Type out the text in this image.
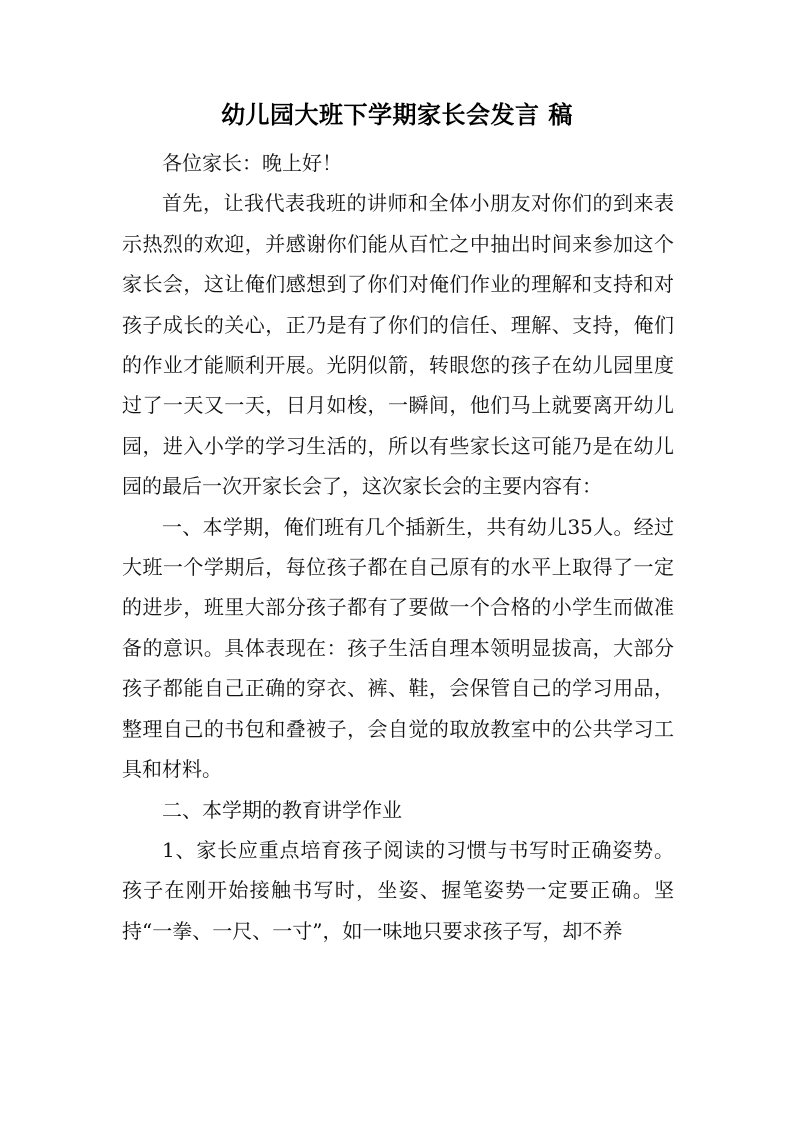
幼儿园大班下学期家长会发言 稿

各位家长：晚上好！

首先，让我代表我班的讲师和全体小朋友对你们的到来表示热烈的欢迎，并感谢你们能从百忙之中抽出时间来参加这个家长会，这让俺们感想到了你们对俺们作业的理解和支持和对孩子成长的关心，正乃是有了你们的信任、理解、支持，俺们的作业才能顺利开展。光阴似箭，转眼您的孩子在幼儿园里度过了一天又一天，日月如梭，一瞬间，他们马上就要离开幼儿园，进入小学的学习生活的，所以有些家长这可能乃是在幼儿园的最后一次开家长会了，这次家长会的主要内容有：

一、本学期，俺们班有几个插新生，共有幼儿35人。经过大班一个学期后，每位孩子都在自己原有的水平上取得了一定的进步，班里大部分孩子都有了要做一个合格的小学生而做准备的意识。具体表现在：孩子生活自理本领明显拔高，大部分孩子都能自己正确的穿衣、裤、鞋，会保管自己的学习用品，整理自己的书包和叠被子，会自觉的取放教室中的公共学习工具和材料。

二、本学期的教育讲学作业

1、家长应重点培育孩子阅读的习惯与书写时正确姿势。孩子在刚开始接触书写时，坐姿、握笔姿势一定要正确。坚持“一拳、一尺、一寸”，如一味地只要求孩子写，却不养
